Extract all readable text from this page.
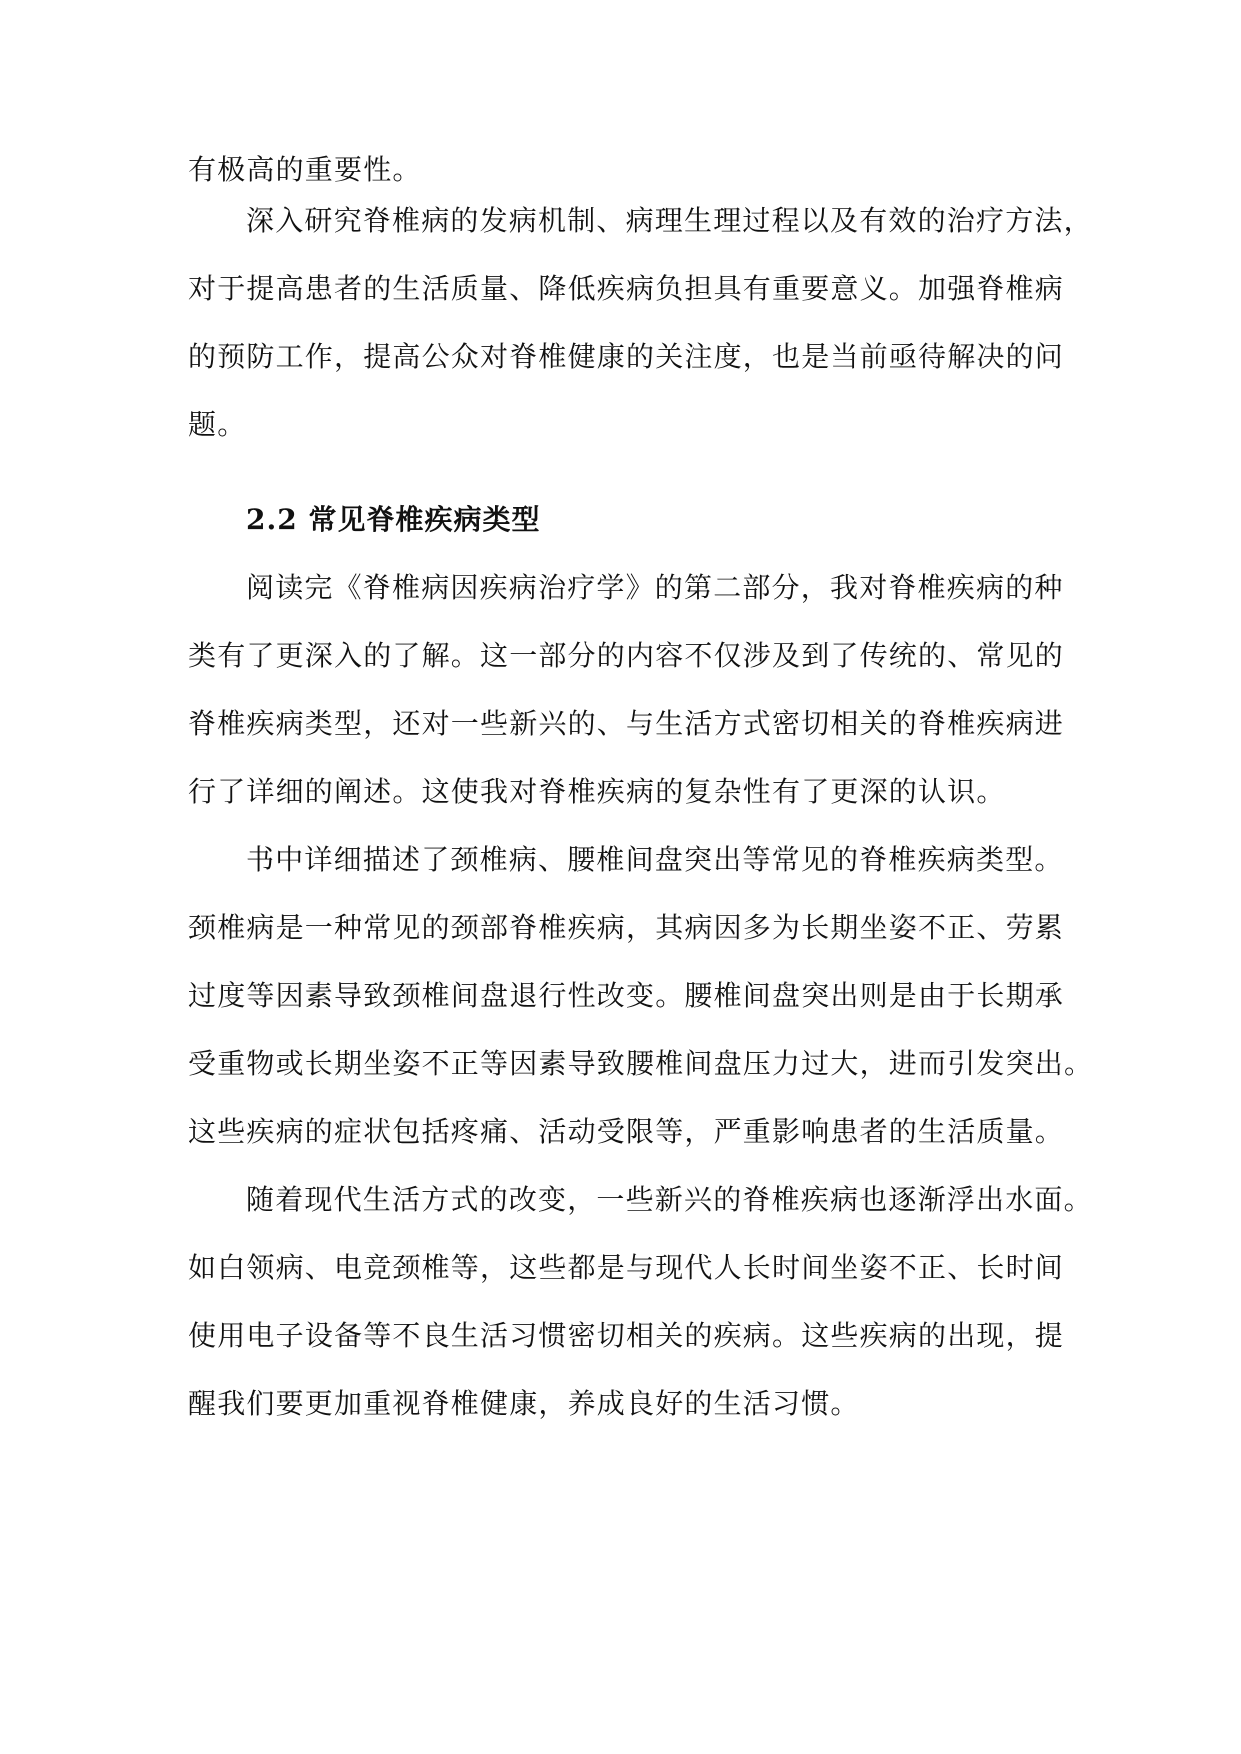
有极高的重要性。
深入研究脊椎病的发病机制、病理生理过程以及有效的治疗方法，
对于提高患者的生活质量、降低疾病负担具有重要意义。加强脊椎病
的预防工作，提高公众对脊椎健康的关注度，也是当前亟待解决的问
题。
2.2 常见脊椎疾病类型
阅读完《脊椎病因疾病治疗学》的第二部分，我对脊椎疾病的种
类有了更深入的了解。这一部分的内容不仅涉及到了传统的、常见的
脊椎疾病类型，还对一些新兴的、与生活方式密切相关的脊椎疾病进
行了详细的阐述。这使我对脊椎疾病的复杂性有了更深的认识。
书中详细描述了颈椎病、腰椎间盘突出等常见的脊椎疾病类型。
颈椎病是一种常见的颈部脊椎疾病，其病因多为长期坐姿不正、劳累
过度等因素导致颈椎间盘退行性改变。腰椎间盘突出则是由于长期承
受重物或长期坐姿不正等因素导致腰椎间盘压力过大，进而引发突出。
这些疾病的症状包括疼痛、活动受限等，严重影响患者的生活质量。
随着现代生活方式的改变，一些新兴的脊椎疾病也逐渐浮出水面。
如白领病、电竞颈椎等，这些都是与现代人长时间坐姿不正、长时间
使用电子设备等不良生活习惯密切相关的疾病。这些疾病的出现，提
醒我们要更加重视脊椎健康，养成良好的生活习惯。
